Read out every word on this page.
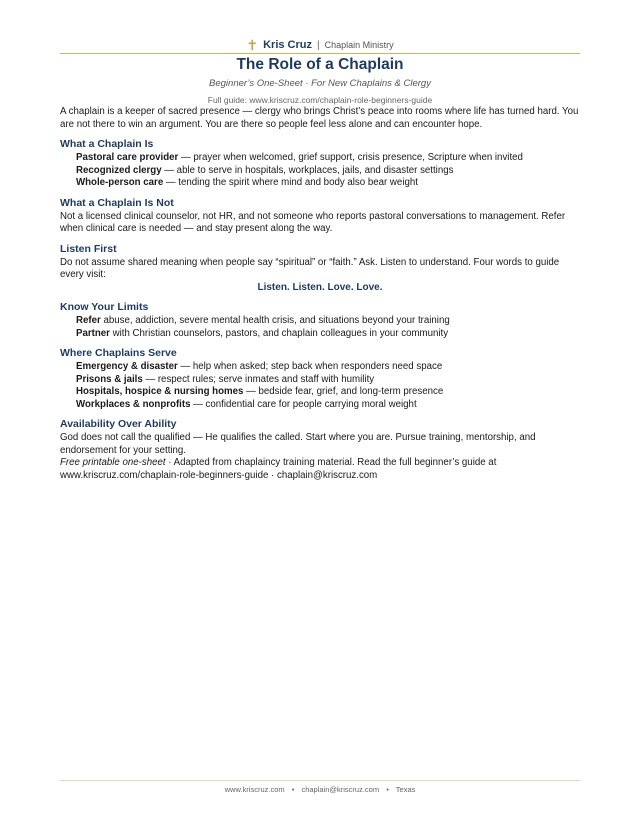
✝ Kris Cruz | Chaplain Ministry
The Role of a Chaplain
Beginner’s One-Sheet · For New Chaplains & Clergy
Full guide: www.kriscruz.com/chaplain-role-beginners-guide

A chaplain is a keeper of sacred presence — clergy who brings Christ’s peace into rooms where life has turned hard. You are not there to win an argument. You are there so people feel less alone and can encounter hope.

What a Chaplain Is

Pastoral care provider — prayer when welcomed, grief support, crisis presence, Scripture when invited

Recognized clergy — able to serve in hospitals, workplaces, jails, and disaster settings

Whole-person care — tending the spirit where mind and body also bear weight

What a Chaplain Is Not

Not a licensed clinical counselor, not HR, and not someone who reports pastoral conversations to management. Refer when clinical care is needed — and stay present along the way.

Listen First

Do not assume shared meaning when people say “spiritual” or “faith.” Ask. Listen to understand. Four words to guide every visit:

Listen. Listen. Love. Love.

Know Your Limits

Refer abuse, addiction, severe mental health crisis, and situations beyond your training

Partner with Christian counselors, pastors, and chaplain colleagues in your community

Where Chaplains Serve

Emergency & disaster — help when asked; step back when responders need space

Prisons & jails — respect rules; serve inmates and staff with humility

Hospitals, hospice & nursing homes — bedside fear, grief, and long-term presence

Workplaces & nonprofits — confidential care for people carrying moral weight

Availability Over Ability

God does not call the qualified — He qualifies the called. Start where you are. Pursue training, mentorship, and endorsement for your setting.

Free printable one-sheet · Adapted from chaplaincy training material. Read the full beginner’s guide at www.kriscruz.com/chaplain-role-beginners-guide · chaplain@kriscruz.com

www.kriscruz.com • chaplain@kriscruz.com • Texas
